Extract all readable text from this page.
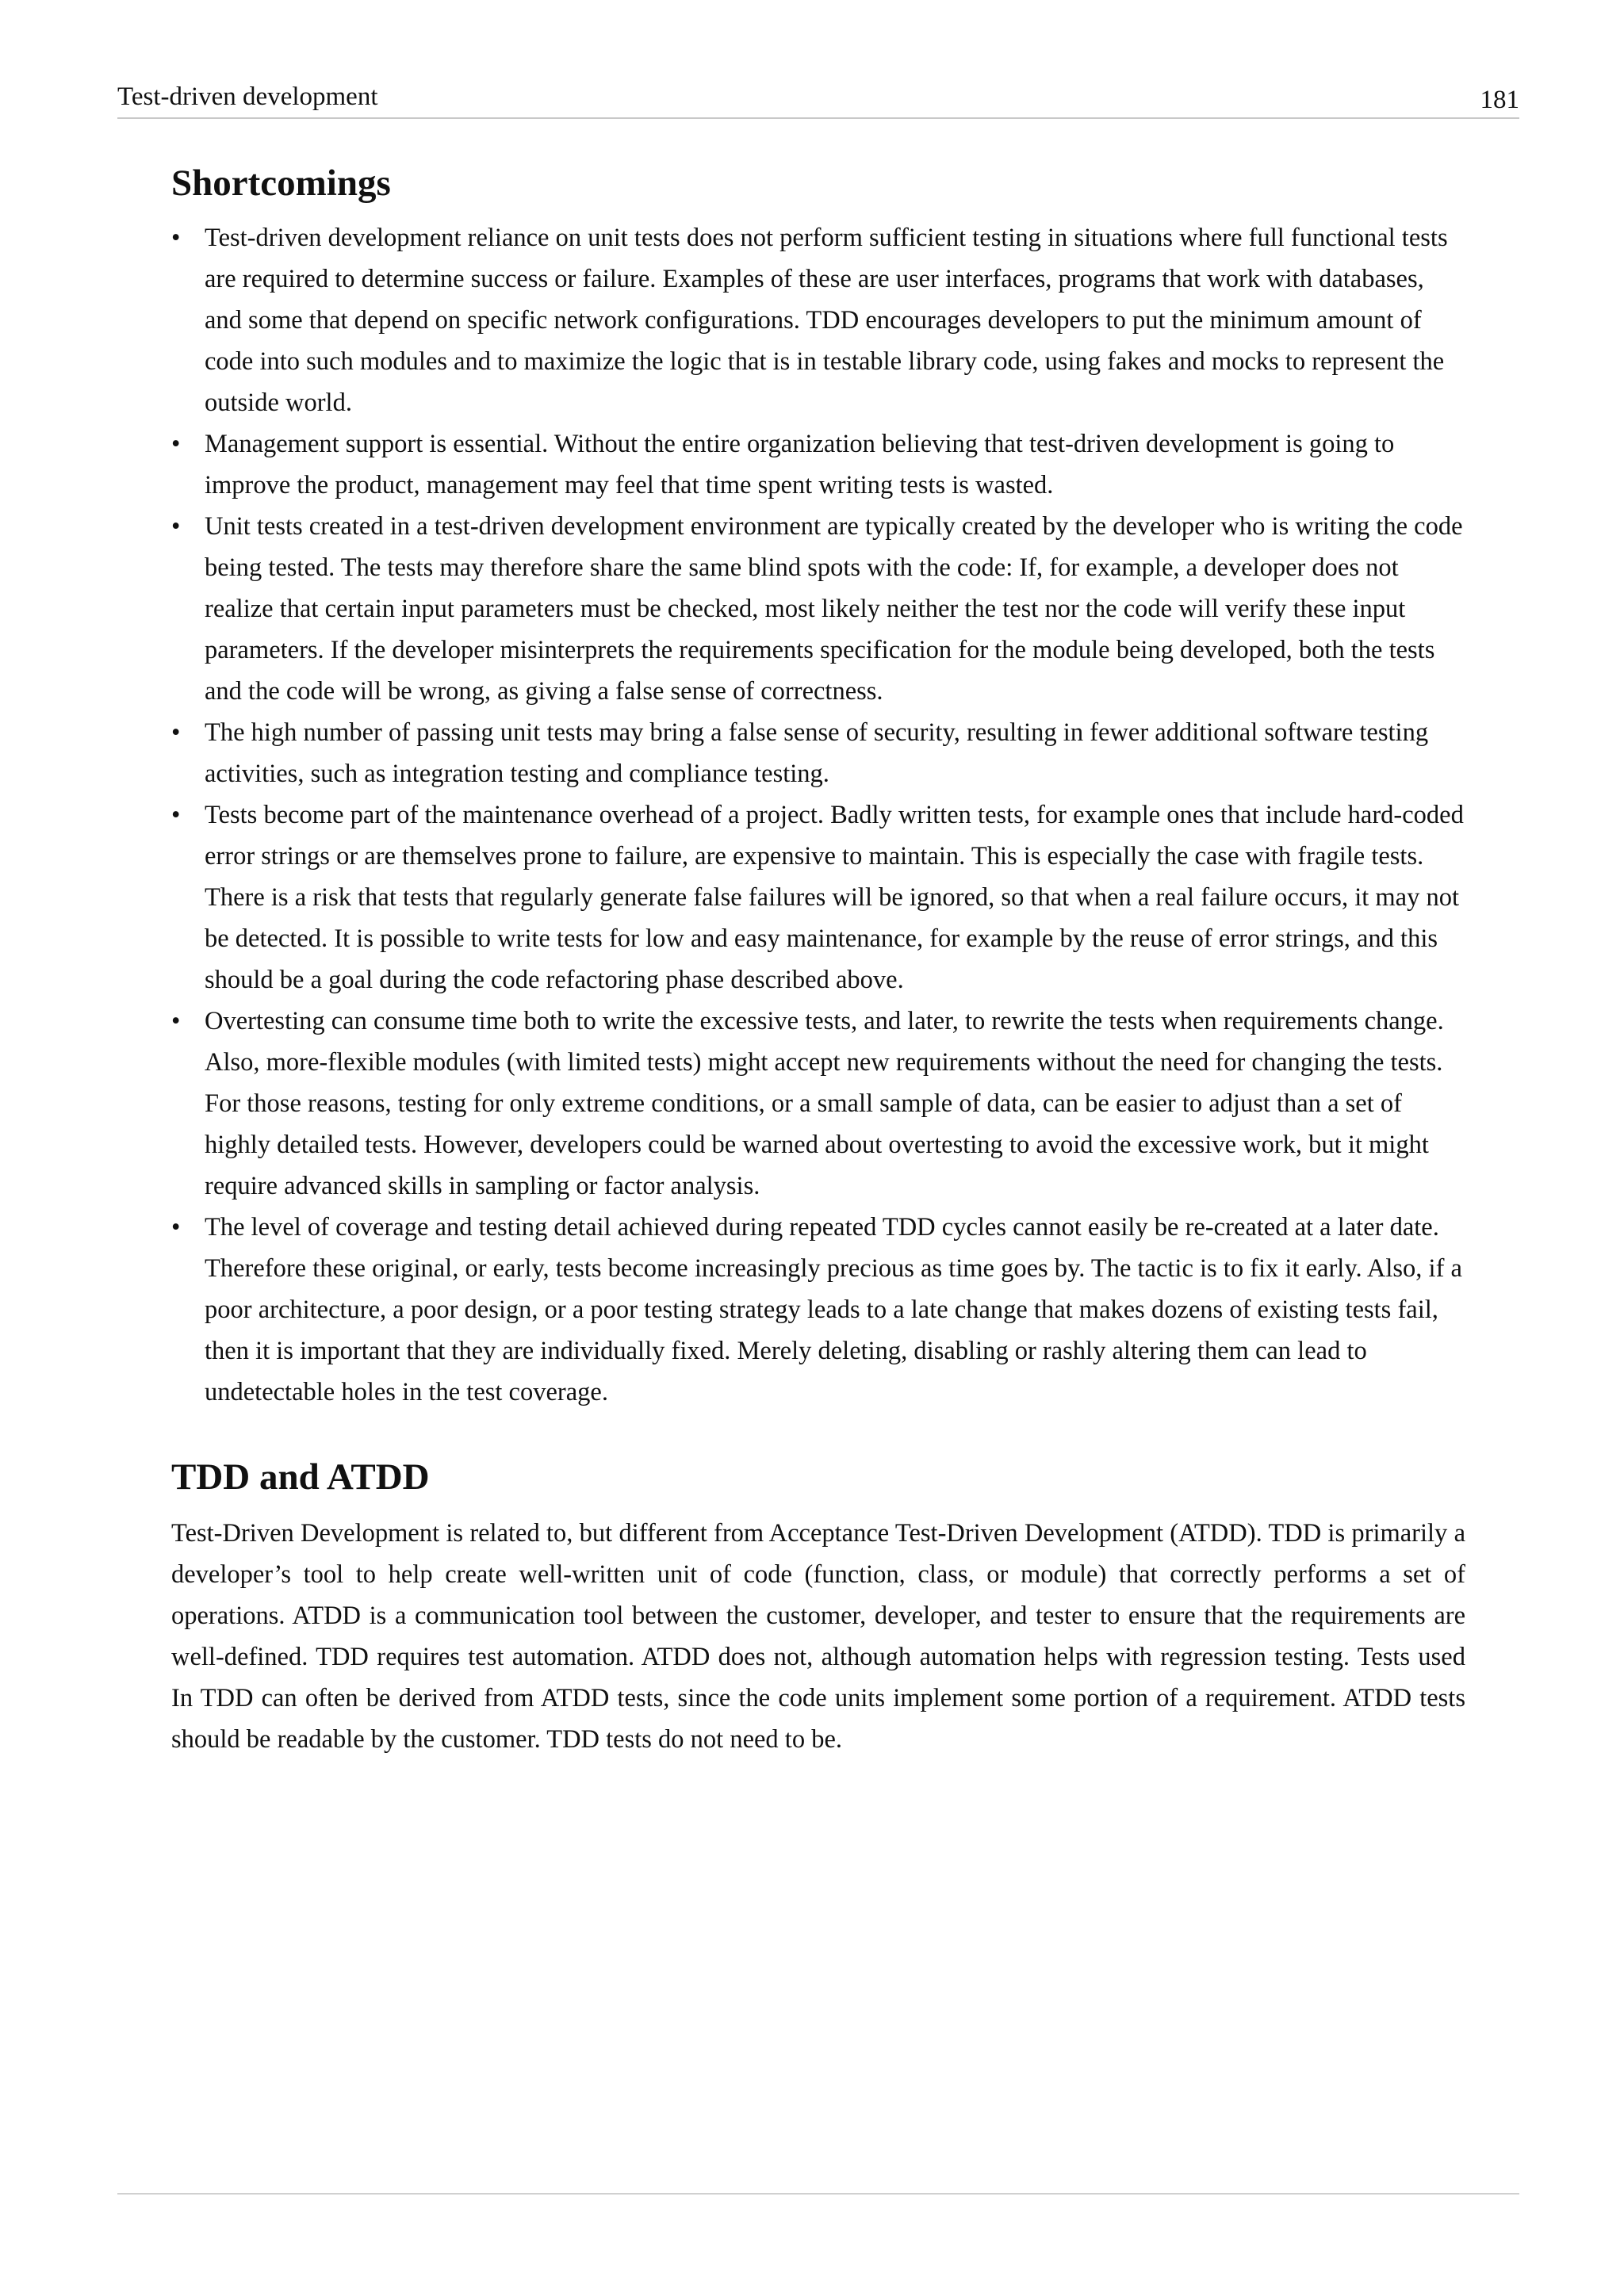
Test-driven development	181
Shortcomings
• Test-driven development reliance on unit tests does not perform sufficient testing in situations where full functional tests are required to determine success or failure. Examples of these are user interfaces, programs that work with databases, and some that depend on specific network configurations. TDD encourages developers to put the minimum amount of code into such modules and to maximize the logic that is in testable library code, using fakes and mocks to represent the outside world.
• Management support is essential. Without the entire organization believing that test-driven development is going to improve the product, management may feel that time spent writing tests is wasted.
• Unit tests created in a test-driven development environment are typically created by the developer who is writing the code being tested. The tests may therefore share the same blind spots with the code: If, for example, a developer does not realize that certain input parameters must be checked, most likely neither the test nor the code will verify these input parameters. If the developer misinterprets the requirements specification for the module being developed, both the tests and the code will be wrong, as giving a false sense of correctness.
• The high number of passing unit tests may bring a false sense of security, resulting in fewer additional software testing activities, such as integration testing and compliance testing.
• Tests become part of the maintenance overhead of a project. Badly written tests, for example ones that include hard-coded error strings or are themselves prone to failure, are expensive to maintain. This is especially the case with fragile tests. There is a risk that tests that regularly generate false failures will be ignored, so that when a real failure occurs, it may not be detected. It is possible to write tests for low and easy maintenance, for example by the reuse of error strings, and this should be a goal during the code refactoring phase described above.
• Overtesting can consume time both to write the excessive tests, and later, to rewrite the tests when requirements change. Also, more-flexible modules (with limited tests) might accept new requirements without the need for changing the tests. For those reasons, testing for only extreme conditions, or a small sample of data, can be easier to adjust than a set of highly detailed tests. However, developers could be warned about overtesting to avoid the excessive work, but it might require advanced skills in sampling or factor analysis.
• The level of coverage and testing detail achieved during repeated TDD cycles cannot easily be re-created at a later date. Therefore these original, or early, tests become increasingly precious as time goes by. The tactic is to fix it early. Also, if a poor architecture, a poor design, or a poor testing strategy leads to a late change that makes dozens of existing tests fail, then it is important that they are individually fixed. Merely deleting, disabling or rashly altering them can lead to undetectable holes in the test coverage.
TDD and ATDD

Test-Driven Development is related to, but different from Acceptance Test-Driven Development (ATDD). TDD is primarily a developer’s tool to help create well-written unit of code (function, class, or module) that correctly performs a set of operations. ATDD is a communication tool between the customer, developer, and tester to ensure that the requirements are well-defined. TDD requires test automation. ATDD does not, although automation helps with regression testing. Tests used In TDD can often be derived from ATDD tests, since the code units implement some portion of a requirement. ATDD tests should be readable by the customer. TDD tests do not need to be.
